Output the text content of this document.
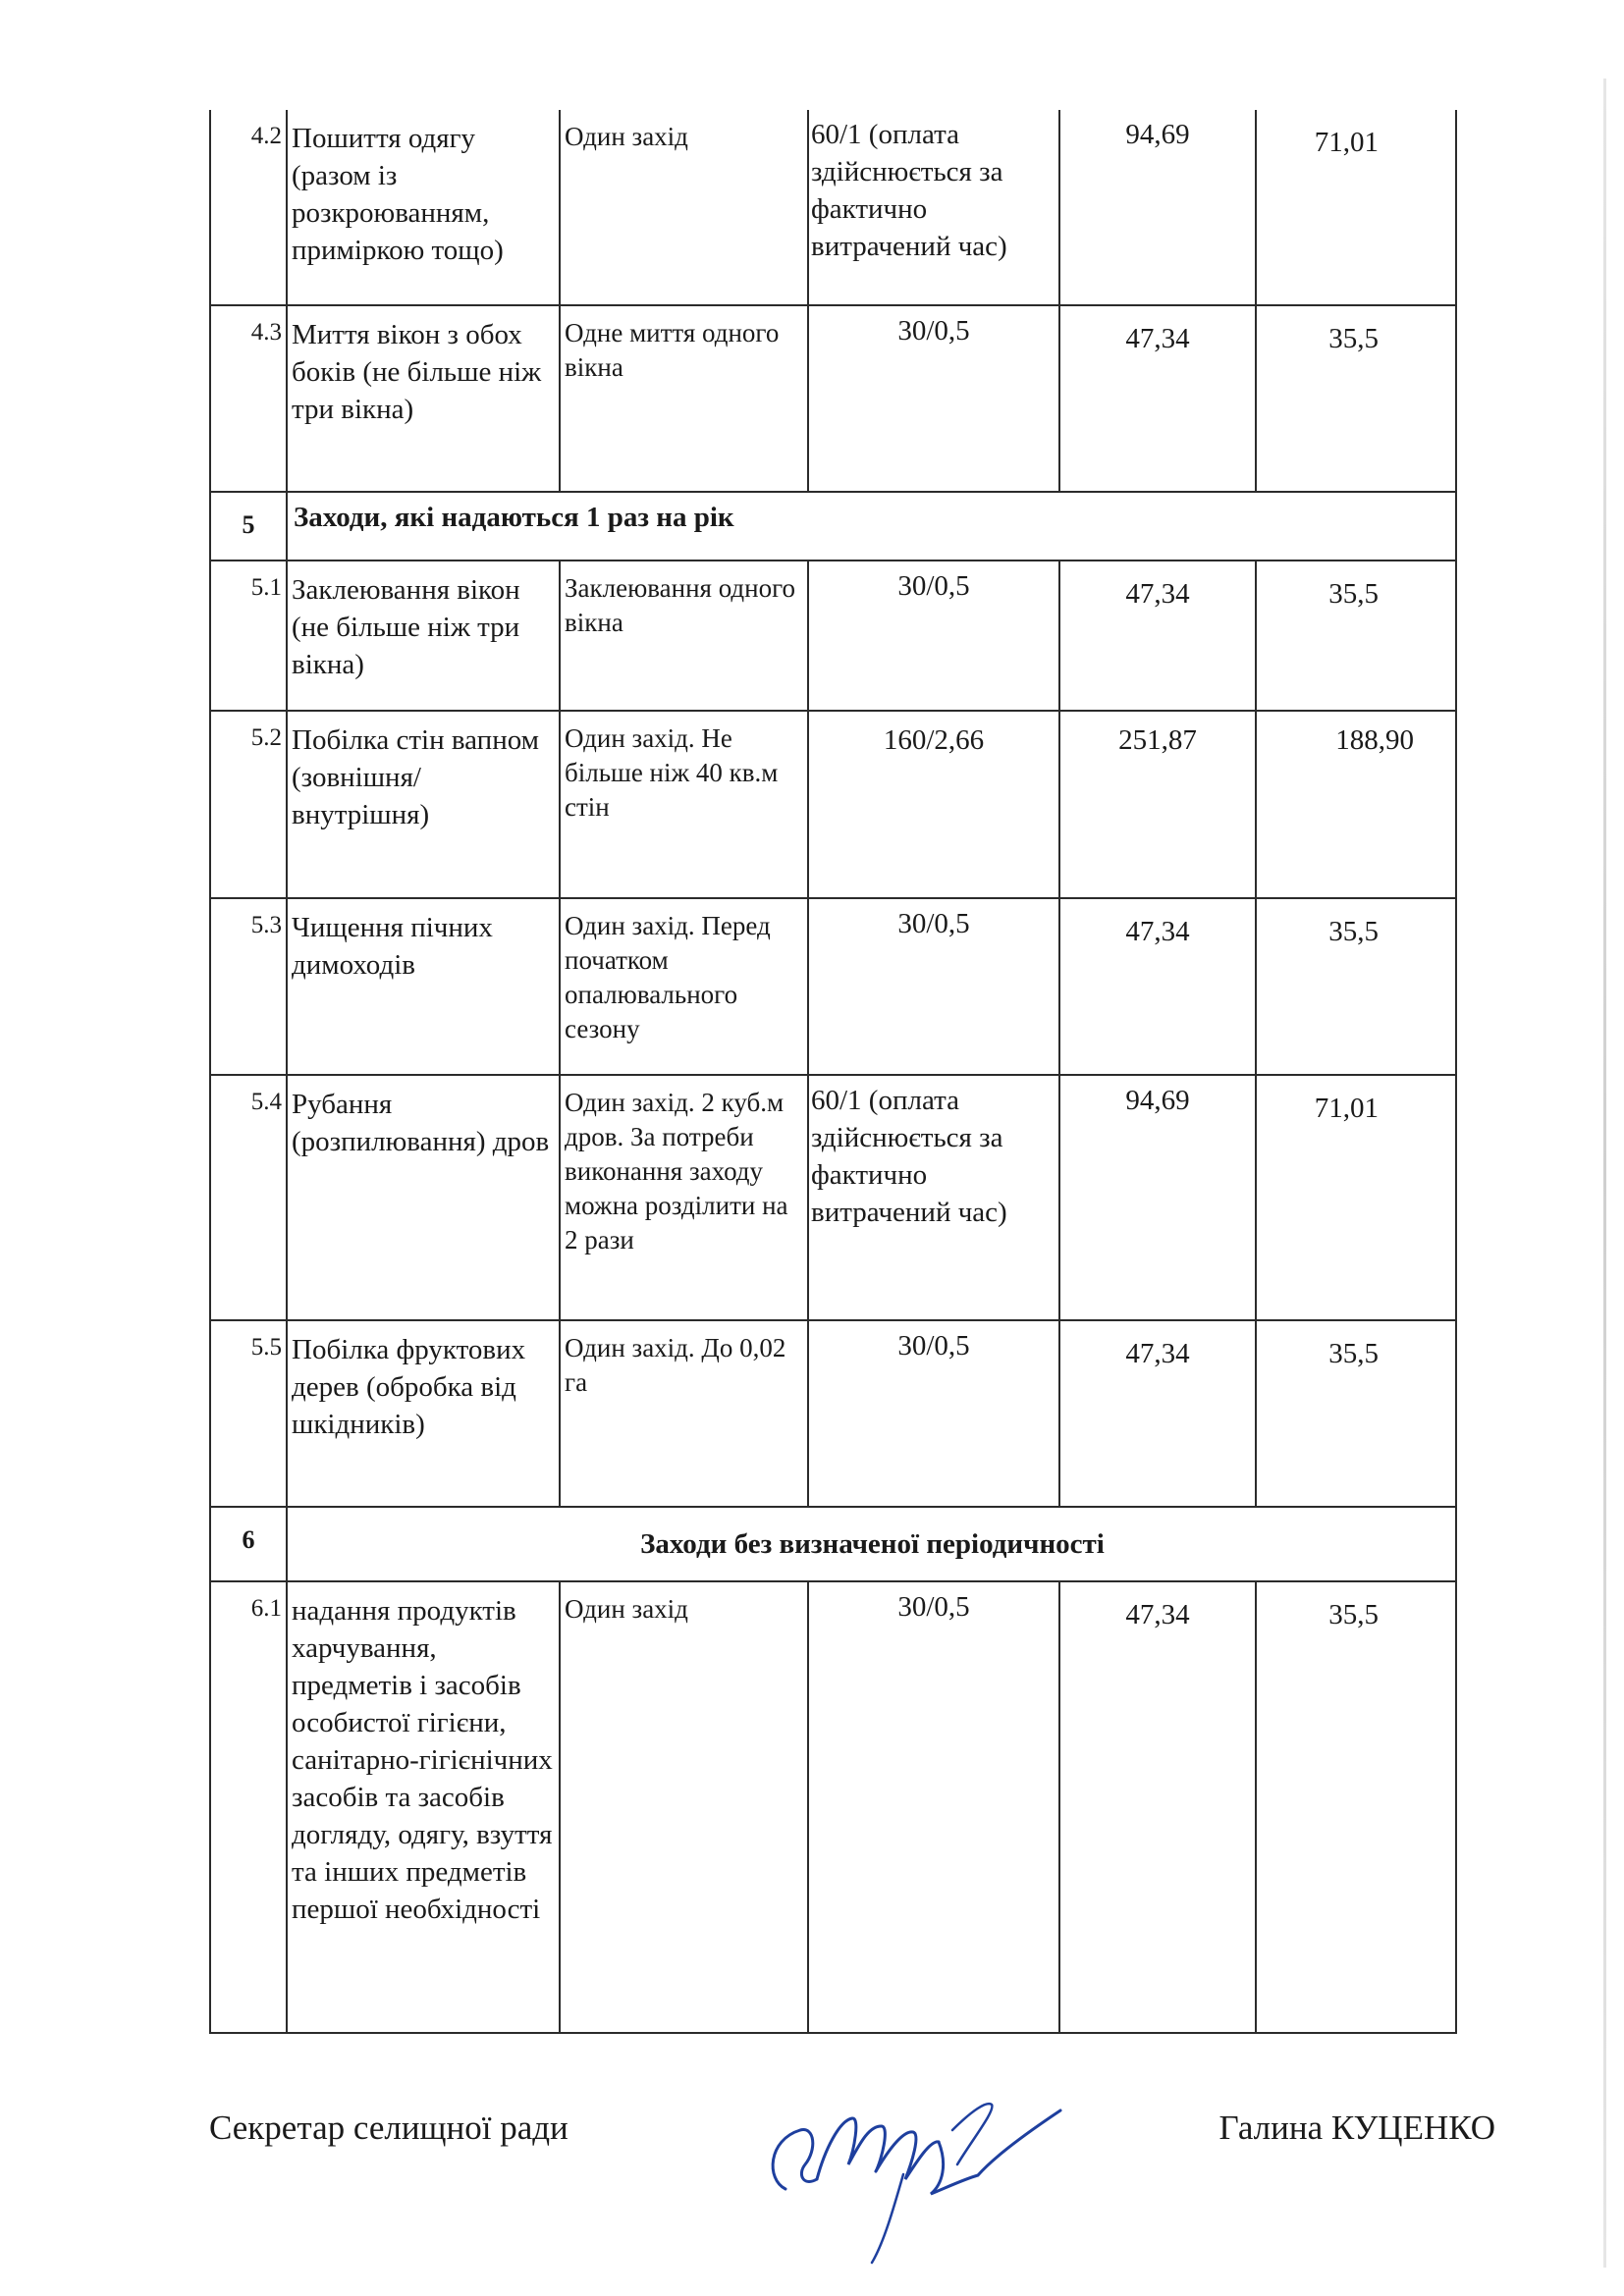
4.2	Пошиття одягу (разом із розкроюванням, приміркою тощо)	Один захід	60/1 (оплата здійснюється за фактично витрачений час)	94,69	71,01
4.3	Миття вікон з обох боків (не більше ніж три вікна)	Одне миття одного вікна	30/0,5	47,34	35,5
5	Заходи, які надаються 1 раз на рік				
5.1	Заклеювання вікон (не більше ніж три вікна)	Заклеювання одного вікна	30/0,5	47,34	35,5
5.2	Побілка стін вапном (зовнішня/внутрішня)	Один захід. Не більше ніж 40 кв.м стін	160/2,66	251,87	188,90
5.3	Чищення пічних димоходів	Один захід. Перед початком опалювального сезону	30/0,5	47,34	35,5
5.4	Рубання (розпилювання) дров	Один захід. 2 куб.м дров. За потреби виконання заходу можна розділити на 2 рази	60/1 (оплата здійснюється за фактично витрачений час)	94,69	71,01
5.5	Побілка фруктових дерев (обробка від шкідників)	Один захід. До 0,02 га	30/0,5	47,34	35,5
6	Заходи без визначеної періодичності				
6.1	надання продуктів харчування, предметів і засобів особистої гігієни, санітарно-гігієнічних засобів та засобів догляду, одягу, взуття та інших предметів першої необхідності	Один захід	30/0,5	47,34	35,5
Секретар селищної ради	Галина КУЦЕНКО
